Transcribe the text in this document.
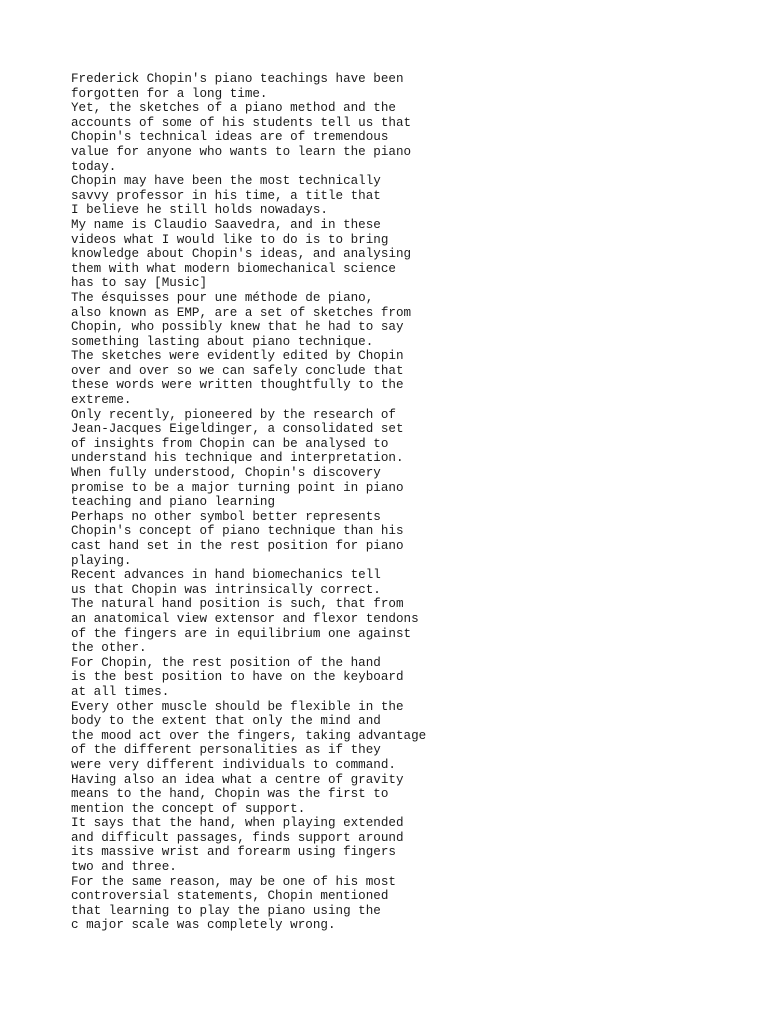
Frederick Chopin's piano teachings have been
forgotten for a long time.
Yet, the sketches of a piano method and the
accounts of some of his students tell us that
Chopin's technical ideas are of tremendous
value for anyone who wants to learn the piano
today.
Chopin may have been the most technically
savvy professor in his time, a title that
I believe he still holds nowadays.
My name is Claudio Saavedra, and in these
videos what I would like to do is to bring
knowledge about Chopin's ideas, and analysing
them with what modern biomechanical science
has to say [Music]
The ésquisses pour une méthode de piano,
also known as EMP, are a set of sketches from
Chopin, who possibly knew that he had to say
something lasting about piano technique.
The sketches were evidently edited by Chopin
over and over so we can safely conclude that
these words were written thoughtfully to the
extreme.
Only recently, pioneered by the research of
Jean-Jacques Eigeldinger, a consolidated set
of insights from Chopin can be analysed to
understand his technique and interpretation.
When fully understood, Chopin's discovery
promise to be a major turning point in piano
teaching and piano learning
Perhaps no other symbol better represents
Chopin's concept of piano technique than his
cast hand set in the rest position for piano
playing.
Recent advances in hand biomechanics tell
us that Chopin was intrinsically correct.
The natural hand position is such, that from
an anatomical view extensor and flexor tendons
of the fingers are in equilibrium one against
the other.
For Chopin, the rest position of the hand
is the best position to have on the keyboard
at all times.
Every other muscle should be flexible in the
body to the extent that only the mind and
the mood act over the fingers, taking advantage
of the different personalities as if they
were very different individuals to command.
Having also an idea what a centre of gravity
means to the hand, Chopin was the first to
mention the concept of support.
It says that the hand, when playing extended
and difficult passages, finds support around
its massive wrist and forearm using fingers
two and three.
For the same reason, may be one of his most
controversial statements, Chopin mentioned
that learning to play the piano using the
c major scale was completely wrong.
